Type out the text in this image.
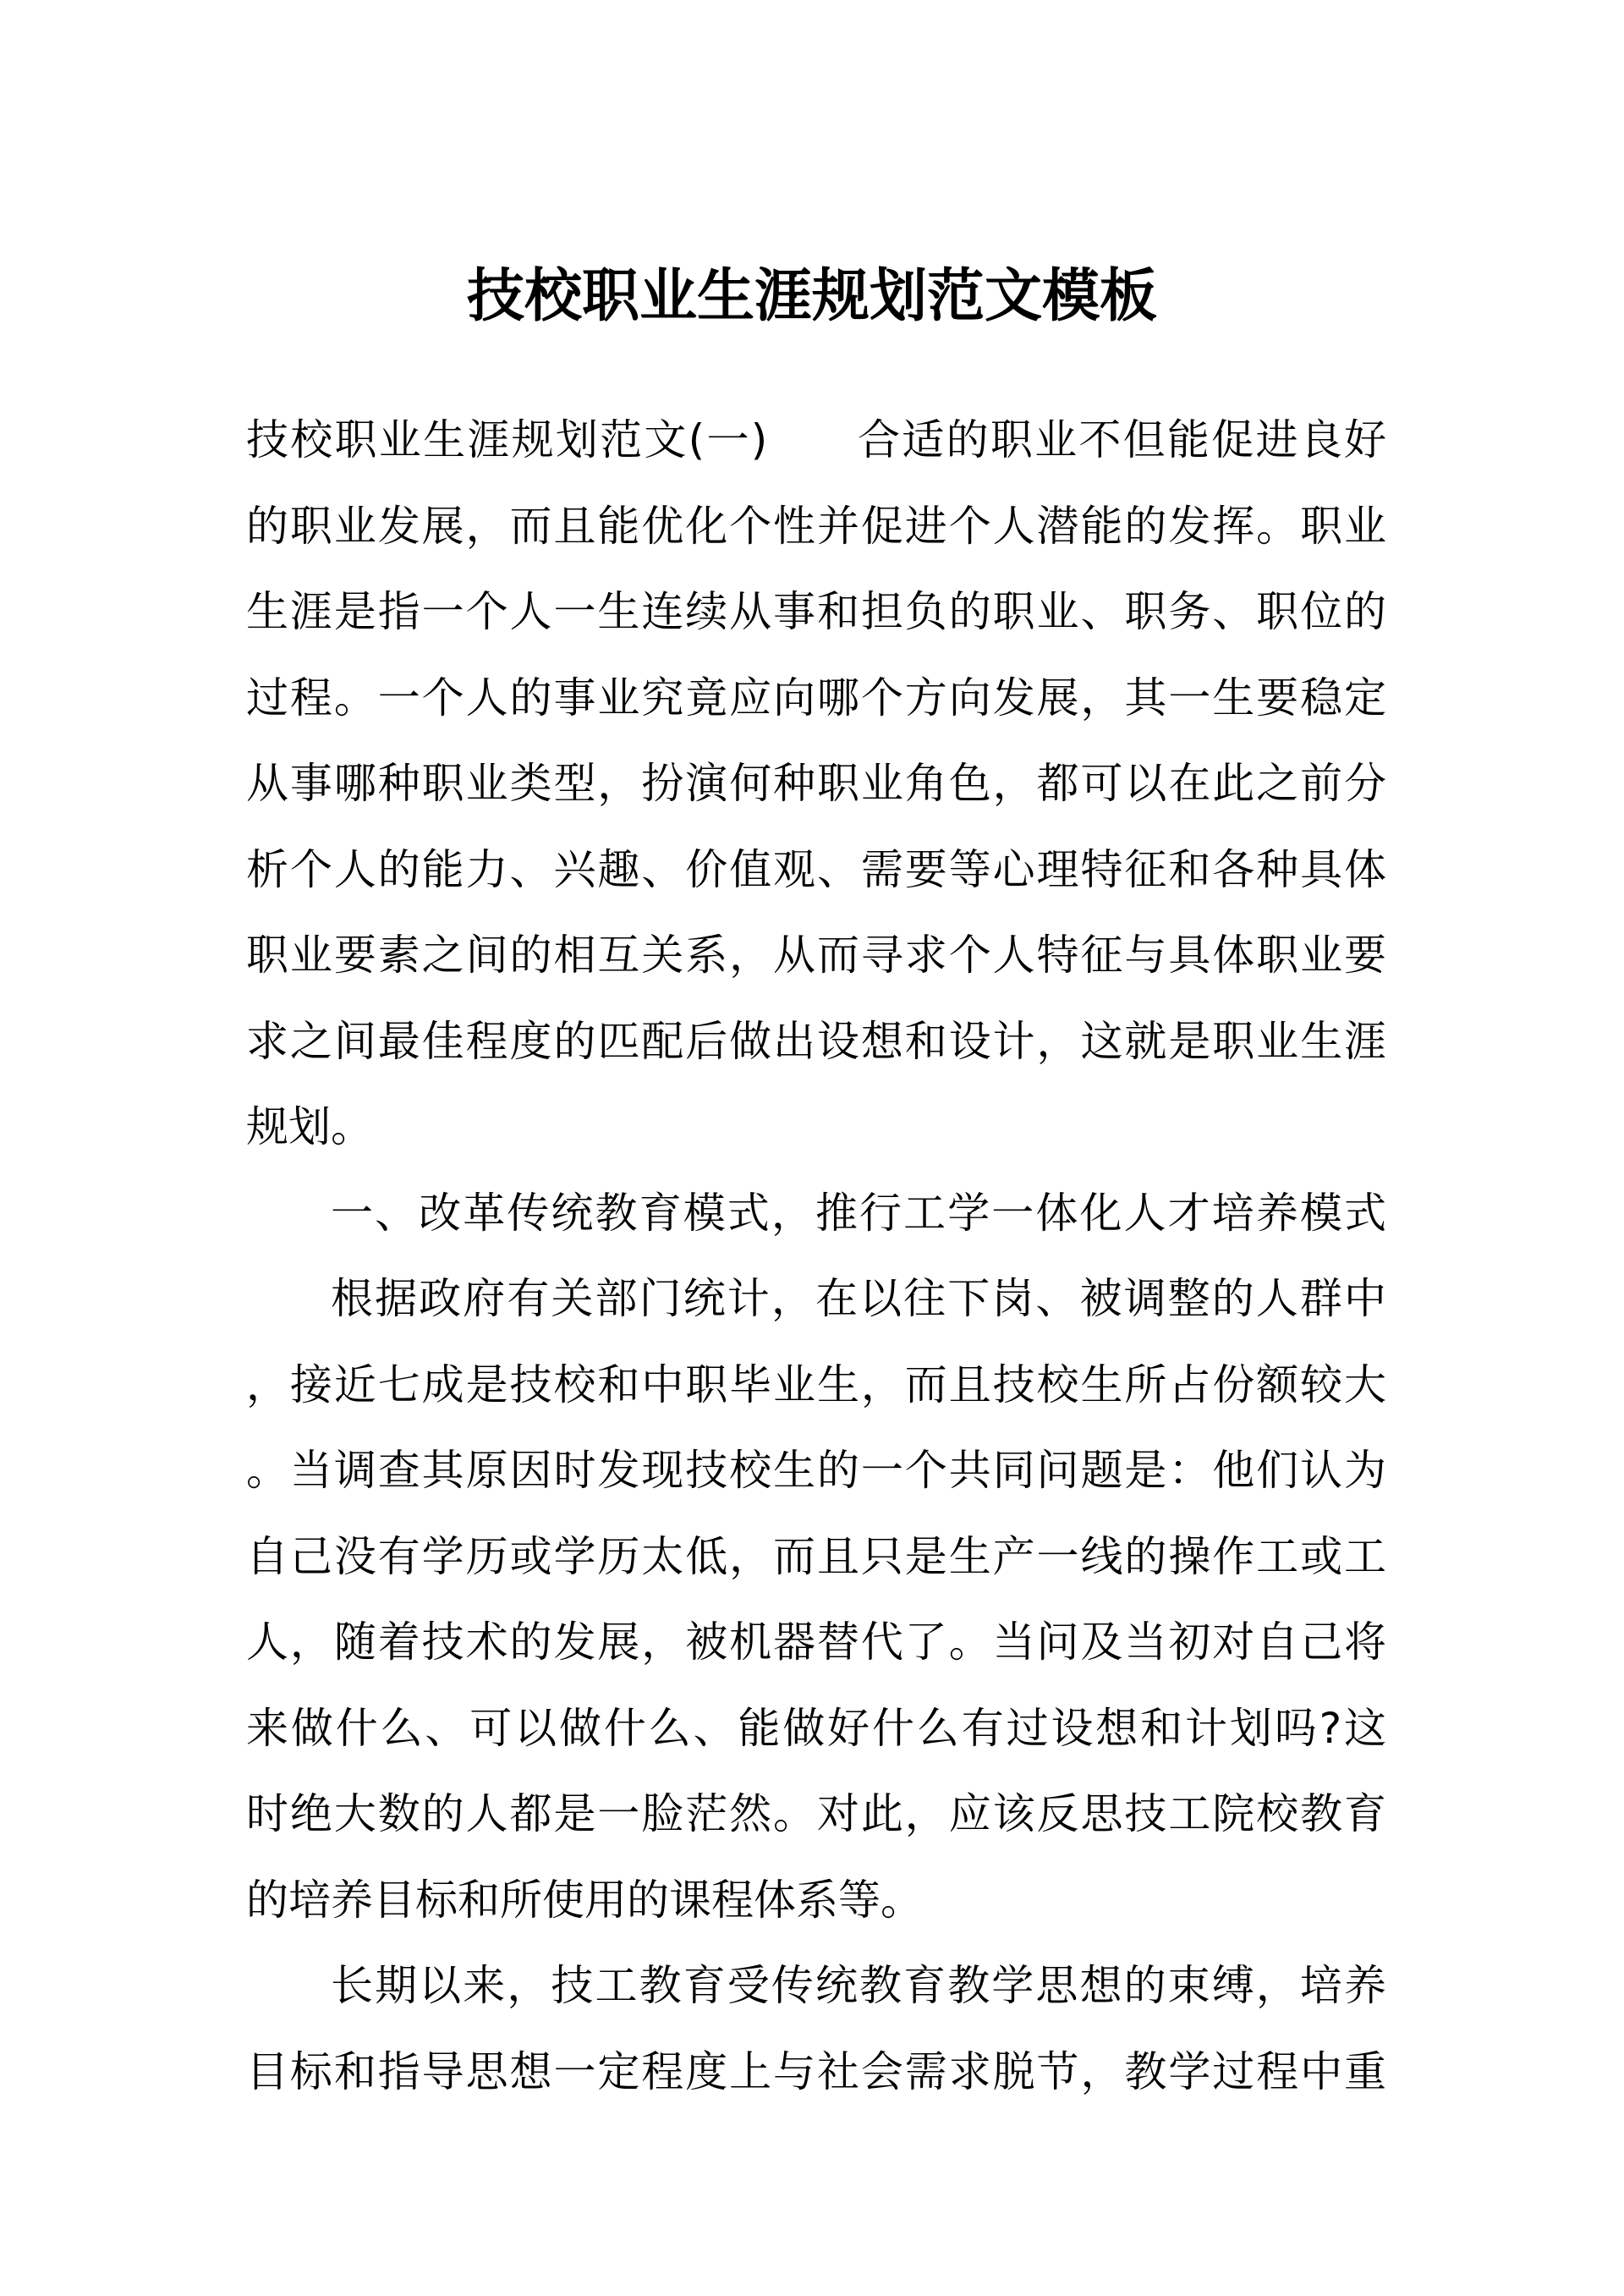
技校职业生涯规划范文模板
技校职业生涯规划范文(一)　　合适的职业不但能促进良好
的职业发展，而且能优化个性并促进个人潜能的发挥。职业
生涯是指一个人一生连续从事和担负的职业、职务、职位的
过程。一个人的事业究竟应向哪个方向发展，其一生要稳定
从事哪种职业类型，扮演何种职业角色，都可以在此之前分
析个人的能力、兴趣、价值观、需要等心理特征和各种具体
职业要素之间的相互关系，从而寻求个人特征与具体职业要
求之间最佳程度的匹配后做出设想和设计，这就是职业生涯
规划。
一、改革传统教育模式，推行工学一体化人才培养模式
根据政府有关部门统计，在以往下岗、被调整的人群中
，接近七成是技校和中职毕业生，而且技校生所占份额较大
。当调查其原因时发现技校生的一个共同问题是：他们认为
自己没有学历或学历太低，而且只是生产一线的操作工或工
人，随着技术的发展，被机器替代了。当问及当初对自己将
来做什么、可以做什么、能做好什么有过设想和计划吗?这
时绝大数的人都是一脸茫然。对此，应该反思技工院校教育
的培养目标和所使用的课程体系等。
长期以来，技工教育受传统教育教学思想的束缚，培养
目标和指导思想一定程度上与社会需求脱节，教学过程中重
